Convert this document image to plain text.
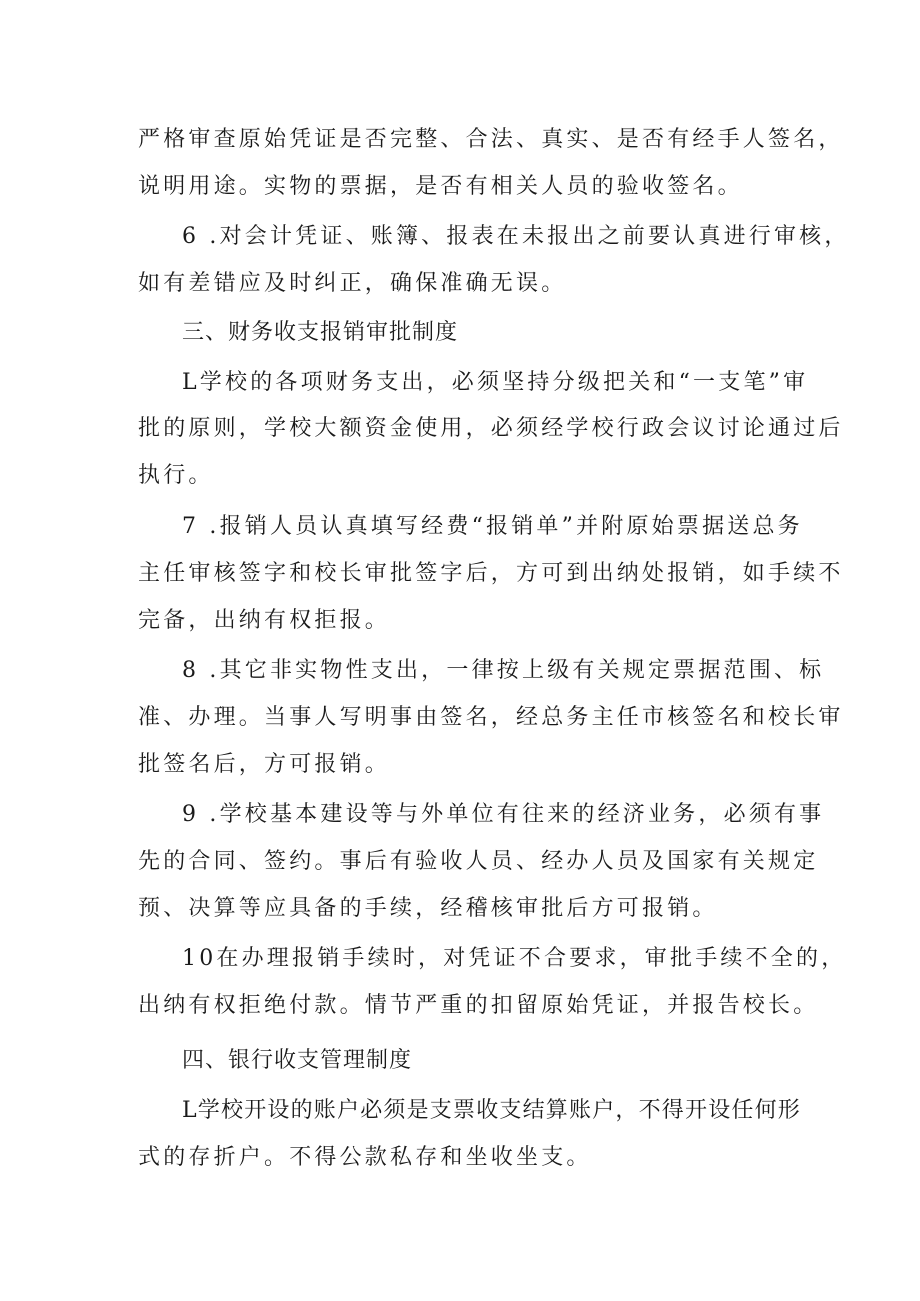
严格审查原始凭证是否完整、合法、真实、是否有经手人签名，
说明用途。实物的票据，是否有相关人员的验收签名。
6 .对会计凭证、账簿、报表在未报出之前要认真进行审核，
如有差错应及时纠正，确保准确无误。
三、财务收支报销审批制度
L学校的各项财务支出，必须坚持分级把关和“一支笔”审
批的原则，学校大额资金使用，必须经学校行政会议讨论通过后
执行。
7 .报销人员认真填写经费“报销单”并附原始票据送总务
主任审核签字和校长审批签字后，方可到出纳处报销，如手续不
完备，出纳有权拒报。
8 .其它非实物性支出，一律按上级有关规定票据范围、标
准、办理。当事人写明事由签名，经总务主任市核签名和校长审
批签名后，方可报销。
9 .学校基本建设等与外单位有往来的经济业务，必须有事
先的合同、签约。事后有验收人员、经办人员及国家有关规定
预、决算等应具备的手续，经稽核审批后方可报销。
10在办理报销手续时，对凭证不合要求，审批手续不全的，
出纳有权拒绝付款。情节严重的扣留原始凭证，并报告校长。
四、银行收支管理制度
L学校开设的账户必须是支票收支结算账户，不得开设任何形
式的存折户。不得公款私存和坐收坐支。
